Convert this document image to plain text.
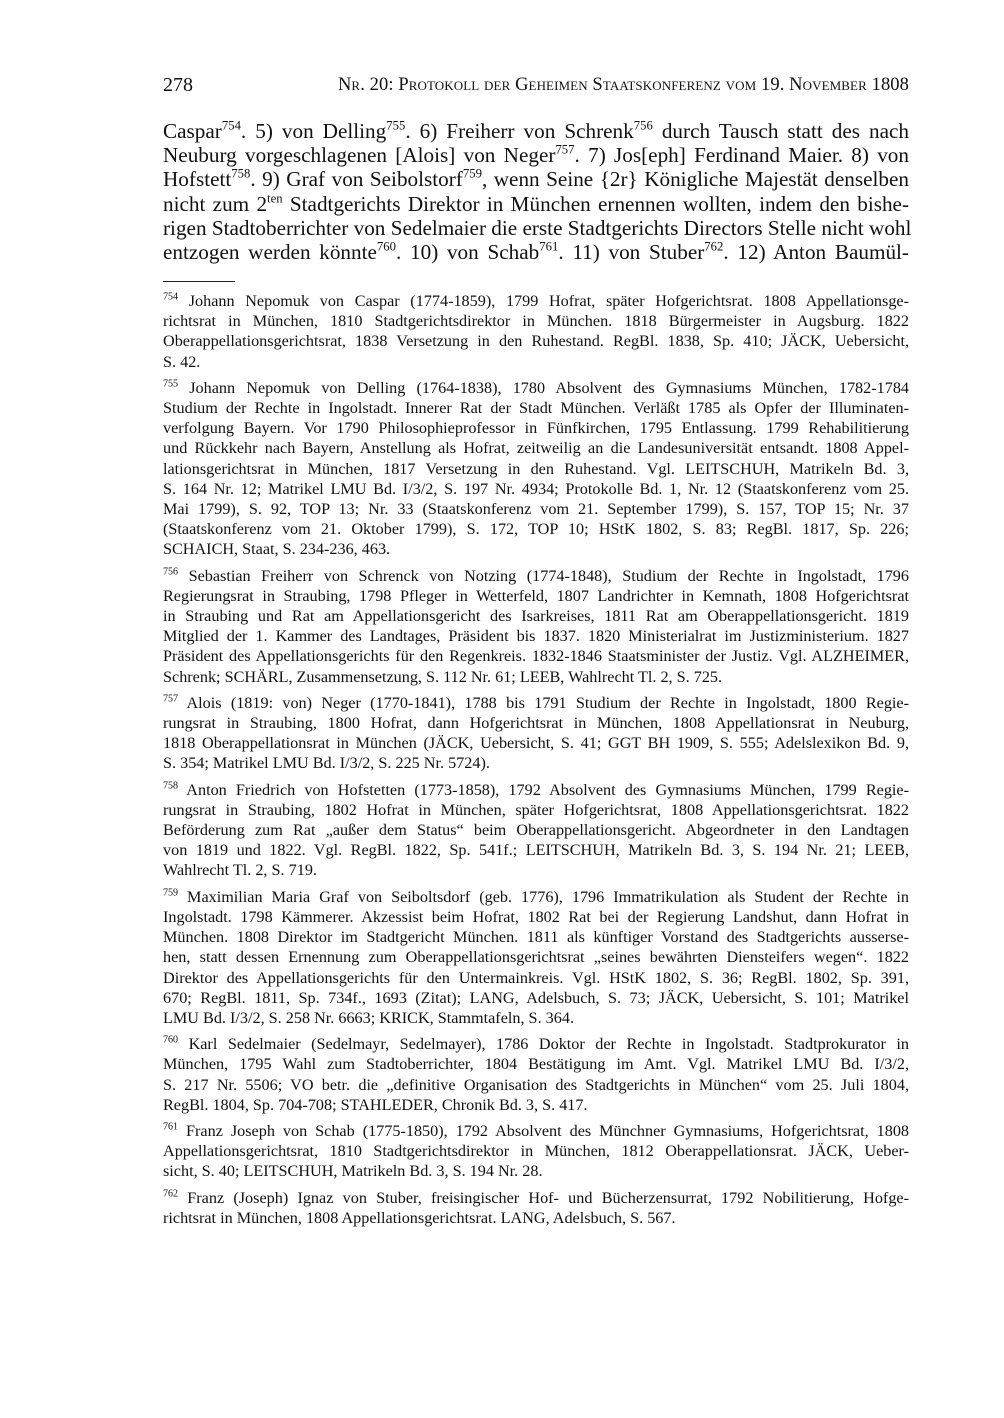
278	Nr. 20: Protokoll der Geheimen Staatskonferenz vom 19. November 1808
Caspar$^{754}$. 5) von Delling$^{755}$. 6) Freiherr von Schrenk$^{756}$ durch Tausch statt des nach
Neuburg vorgeschlagenen [Alois] von Neger$^{757}$. 7) Jos[eph] Ferdinand Maier. 8) von
Hofstett$^{758}$. 9) Graf von Seibolstorf$^{759}$, wenn Seine {2r} Königliche Majestät denselben
nicht zum $2^{ten}$ Stadtgerichts Direktor in München ernennen wollten, indem den bishe-
rigen Stadtoberrichter von Sedelmaier die erste Stadtgerichts Directors Stelle nicht wohl
entzogen werden könnte$^{760}$. 10) von Schab$^{761}$. 11) von Stuber$^{762}$. 12) Anton Baumül-
$^{754}$ Johann Nepomuk von Caspar (1774-1859), 1799 Hofrat, später Hofgerichtsrat. 1808 Appellationsge-
richtsrat in München, 1810 Stadtgerichtsdirektor in München. 1818 Bürgermeister in Augsburg. 1822
Oberappellationsgerichtsrat, 1838 Versetzung in den Ruhestand. RegBl. 1838, Sp. 410; JÄCK, Uebersicht,
S. 42.
$^{755}$ Johann Nepomuk von Delling (1764-1838), 1780 Absolvent des Gymnasiums München, 1782-1784
Studium der Rechte in Ingolstadt. Innerer Rat der Stadt München. Verläßt 1785 als Opfer der Illuminaten-
verfolgung Bayern. Vor 1790 Philosophieprofessor in Fünfkirchen, 1795 Entlassung. 1799 Rehabilitierung
und Rückkehr nach Bayern, Anstellung als Hofrat, zeitweilig an die Landesuniversität entsandt. 1808 Appel-
lationsgerichtsrat in München, 1817 Versetzung in den Ruhestand. Vgl. LEITSCHUH, Matrikeln Bd. 3,
S. 164 Nr. 12; Matrikel LMU Bd. I/3/2, S. 197 Nr. 4934; Protokolle Bd. 1, Nr. 12 (Staatskonferenz vom 25.
Mai 1799), S. 92, TOP 13; Nr. 33 (Staatskonferenz vom 21. September 1799), S. 157, TOP 15; Nr. 37
(Staatskonferenz vom 21. Oktober 1799), S. 172, TOP 10; HStK 1802, S. 83; RegBl. 1817, Sp. 226;
SCHAICH, Staat, S. 234-236, 463.
$^{756}$ Sebastian Freiherr von Schrenck von Notzing (1774-1848), Studium der Rechte in Ingolstadt, 1796
Regierungsrat in Straubing, 1798 Pfleger in Wetterfeld, 1807 Landrichter in Kemnath, 1808 Hofgerichtsrat
in Straubing und Rat am Appellationsgericht des Isarkreises, 1811 Rat am Oberappellationsgericht. 1819
Mitglied der 1. Kammer des Landtages, Präsident bis 1837. 1820 Ministerialrat im Justizministerium. 1827
Präsident des Appellationsgerichts für den Regenkreis. 1832-1846 Staatsminister der Justiz. Vgl. ALZHEIMER,
Schrenk; SCHÄRL, Zusammensetzung, S. 112 Nr. 61; LEEB, Wahlrecht Tl. 2, S. 725.
$^{757}$ Alois (1819: von) Neger (1770-1841), 1788 bis 1791 Studium der Rechte in Ingolstadt, 1800 Regie-
rungsrat in Straubing, 1800 Hofrat, dann Hofgerichtsrat in München, 1808 Appellationsrat in Neuburg,
1818 Oberappellationsrat in München (JÄCK, Uebersicht, S. 41; GGT BH 1909, S. 555; Adelslexikon Bd. 9,
S. 354; Matrikel LMU Bd. I/3/2, S. 225 Nr. 5724).
$^{758}$ Anton Friedrich von Hofstetten (1773-1858), 1792 Absolvent des Gymnasiums München, 1799 Regie-
rungsrat in Straubing, 1802 Hofrat in München, später Hofgerichtsrat, 1808 Appellationsgerichtsrat. 1822
Beförderung zum Rat „außer dem Status“ beim Oberappellationsgericht. Abgeordneter in den Landtagen
von 1819 und 1822. Vgl. RegBl. 1822, Sp. 541f.; LEITSCHUH, Matrikeln Bd. 3, S. 194 Nr. 21; LEEB,
Wahlrecht Tl. 2, S. 719.
$^{759}$ Maximilian Maria Graf von Seiboltsdorf (geb. 1776), 1796 Immatrikulation als Student der Rechte in
Ingolstadt. 1798 Kämmerer. Akzessist beim Hofrat, 1802 Rat bei der Regierung Landshut, dann Hofrat in
München. 1808 Direktor im Stadtgericht München. 1811 als künftiger Vorstand des Stadtgerichts ausserse-
hen, statt dessen Ernennung zum Oberappellationsgerichtsrat „seines bewährten Diensteifers wegen“. 1822
Direktor des Appellationsgerichts für den Untermainkreis. Vgl. HStK 1802, S. 36; RegBl. 1802, Sp. 391,
670; RegBl. 1811, Sp. 734f., 1693 (Zitat); LANG, Adelsbuch, S. 73; JÄCK, Uebersicht, S. 101; Matrikel
LMU Bd. I/3/2, S. 258 Nr. 6663; KRICK, Stammtafeln, S. 364.
$^{760}$ Karl Sedelmaier (Sedelmayr, Sedelmayer), 1786 Doktor der Rechte in Ingolstadt. Stadtprokurator in
München, 1795 Wahl zum Stadtoberrichter, 1804 Bestätigung im Amt. Vgl. Matrikel LMU Bd. I/3/2,
S. 217 Nr. 5506; VO betr. die „definitive Organisation des Stadtgerichts in München“ vom 25. Juli 1804,
RegBl. 1804, Sp. 704-708; STAHLEDER, Chronik Bd. 3, S. 417.
$^{761}$ Franz Joseph von Schab (1775-1850), 1792 Absolvent des Münchner Gymnasiums, Hofgerichtsrat, 1808
Appellationsgerichtsrat, 1810 Stadtgerichtsdirektor in München, 1812 Oberappellationsrat. JÄCK, Ueber-
sicht, S. 40; LEITSCHUH, Matrikeln Bd. 3, S. 194 Nr. 28.
$^{762}$ Franz (Joseph) Ignaz von Stuber, freisingischer Hof- und Bücherzensurrat, 1792 Nobilitierung, Hofge-
richtsrat in München, 1808 Appellationsgerichtsrat. LANG, Adelsbuch, S. 567.
